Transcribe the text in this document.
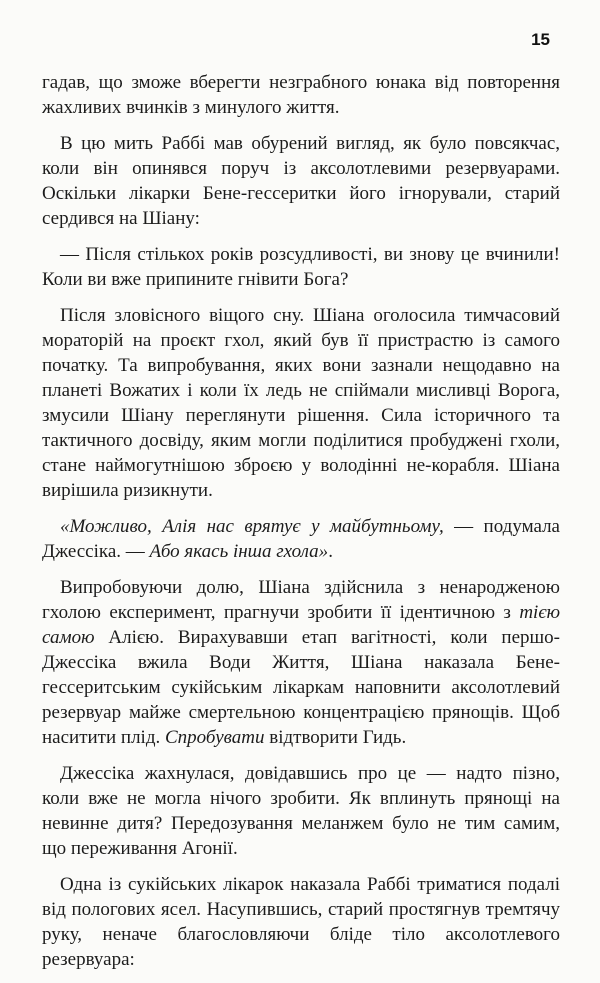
15

гадав, що зможе вберегти незграбного юнака від повторення жахливих вчинків з минулого життя.

В цю мить Раббі мав обурений вигляд, як було повсякчас, коли він опинявся поруч із аксолотлевими резервуарами. Оскільки лікарки Бене-гессеритки його ігнорували, старий сердився на Шіану:

— Після стількох років розсудливості, ви знову це вчинили! Коли ви вже припините гнівити Бога?

Після зловісного віщого сну. Шіана оголосила тимчасовий мораторій на проєкт гхол, який був її пристрастю із самого початку. Та випробування, яких вони зазнали нещодавно на планеті Вожатих і коли їх ледь не спіймали мисливці Ворога, змусили Шіану переглянути рішення. Сила історичного та тактичного досвіду, яким могли поділитися пробуджені гхоли, стане наймогутнішою зброєю у володінні не-корабля. Шіана вирішила ризикнути.

«Можливо, Алія нас врятує у майбутньому, — подумала Джессіка. — Або якась інша гхола».

Випробовуючи долю, Шіана здійснила з ненародженою гхолою експеримент, прагнучи зробити її ідентичною з тією самою Алією. Вирахувавши етап вагітності, коли першо-Джессіка вжила Води Життя, Шіана наказала Бене-гессеритським сукійським лікаркам наповнити аксолотлевий резервуар майже смертельною концентрацією прянощів. Щоб наситити плід. Спробувати відтворити Гидь.

Джессіка жахнулася, довідавшись про це — надто пізно, коли вже не могла нічого зробити. Як вплинуть прянощі на невинне дитя? Передозування меланжем було не тим самим, що переживання Агонії.

Одна із сукійських лікарок наказала Раббі триматися подалі від пологових ясел. Насупившись, старий простягнув тремтячу руку, неначе благословляючи бліде тіло аксолотлевого резервуара:
